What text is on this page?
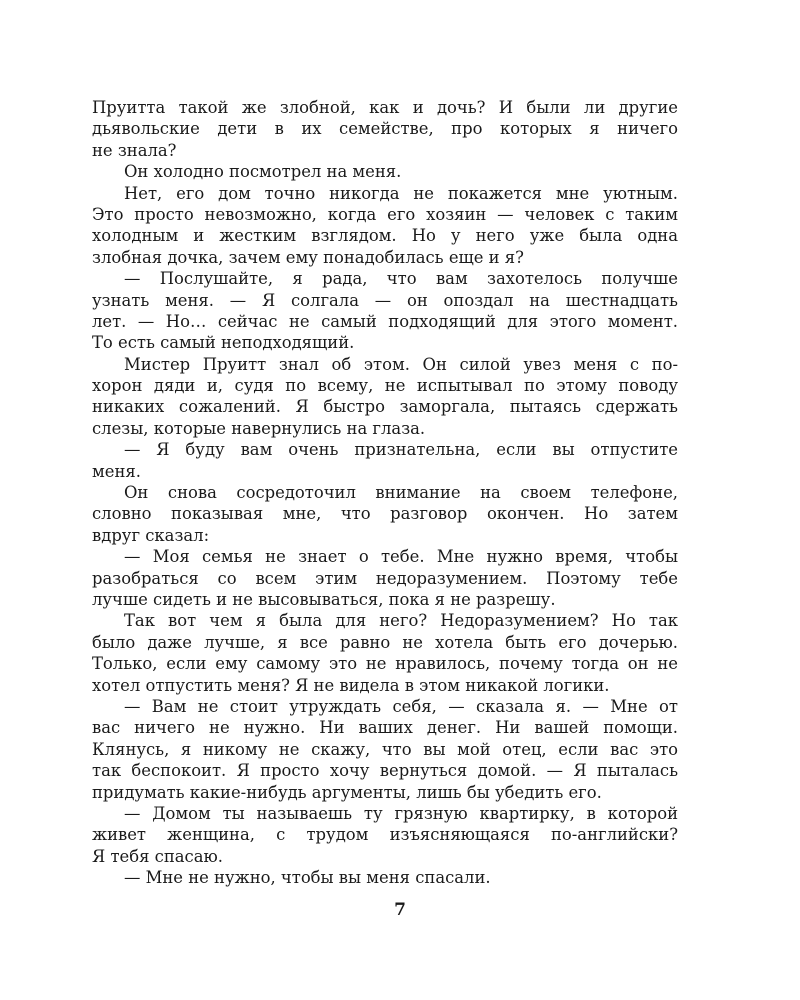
Пруитта такой же злобной, как и дочь? И были ли другие
дьявольские дети в их семействе, про которых я ничего
не знала?
Он холодно посмотрел на меня.
Нет, его дом точно никогда не покажется мне уютным.
Это просто невозможно, когда его хозяин — человек с таким
холодным и жестким взглядом. Но у него уже была одна
злобная дочка, зачем ему понадобилась еще и я?
— Послушайте, я рада, что вам захотелось получше
узнать меня. — Я солгала — он опоздал на шестнадцать
лет. — Но… сейчас не самый подходящий для этого момент.
То есть самый неподходящий.
Мистер Пруитт знал об этом. Он силой увез меня с по-
хорон дяди и, судя по всему, не испытывал по этому поводу
никаких сожалений. Я быстро заморгала, пытаясь сдержать
слезы, которые навернулись на глаза.
— Я буду вам очень признательна, если вы отпустите
меня.
Он снова сосредоточил внимание на своем телефоне,
словно показывая мне, что разговор окончен. Но затем
вдруг сказал:
— Моя семья не знает о тебе. Мне нужно время, чтобы
разобраться со всем этим недоразумением. Поэтому тебе
лучше сидеть и не высовываться, пока я не разрешу.
Так вот чем я была для него? Недоразумением? Но так
было даже лучше, я все равно не хотела быть его дочерью.
Только, если ему самому это не нравилось, почему тогда он не
хотел отпустить меня? Я не видела в этом никакой логики.
— Вам не стоит утруждать себя, — сказала я. — Мне от
вас ничего не нужно. Ни ваших денег. Ни вашей помощи.
Клянусь, я никому не скажу, что вы мой отец, если вас это
так беспокоит. Я просто хочу вернуться домой. — Я пыталась
придумать какие-нибудь аргументы, лишь бы убедить его.
— Домом ты называешь ту грязную квартирку, в которой
живет женщина, с трудом изъясняющаяся по-английски?
Я тебя спасаю.
— Мне не нужно, чтобы вы меня спасали.
7
